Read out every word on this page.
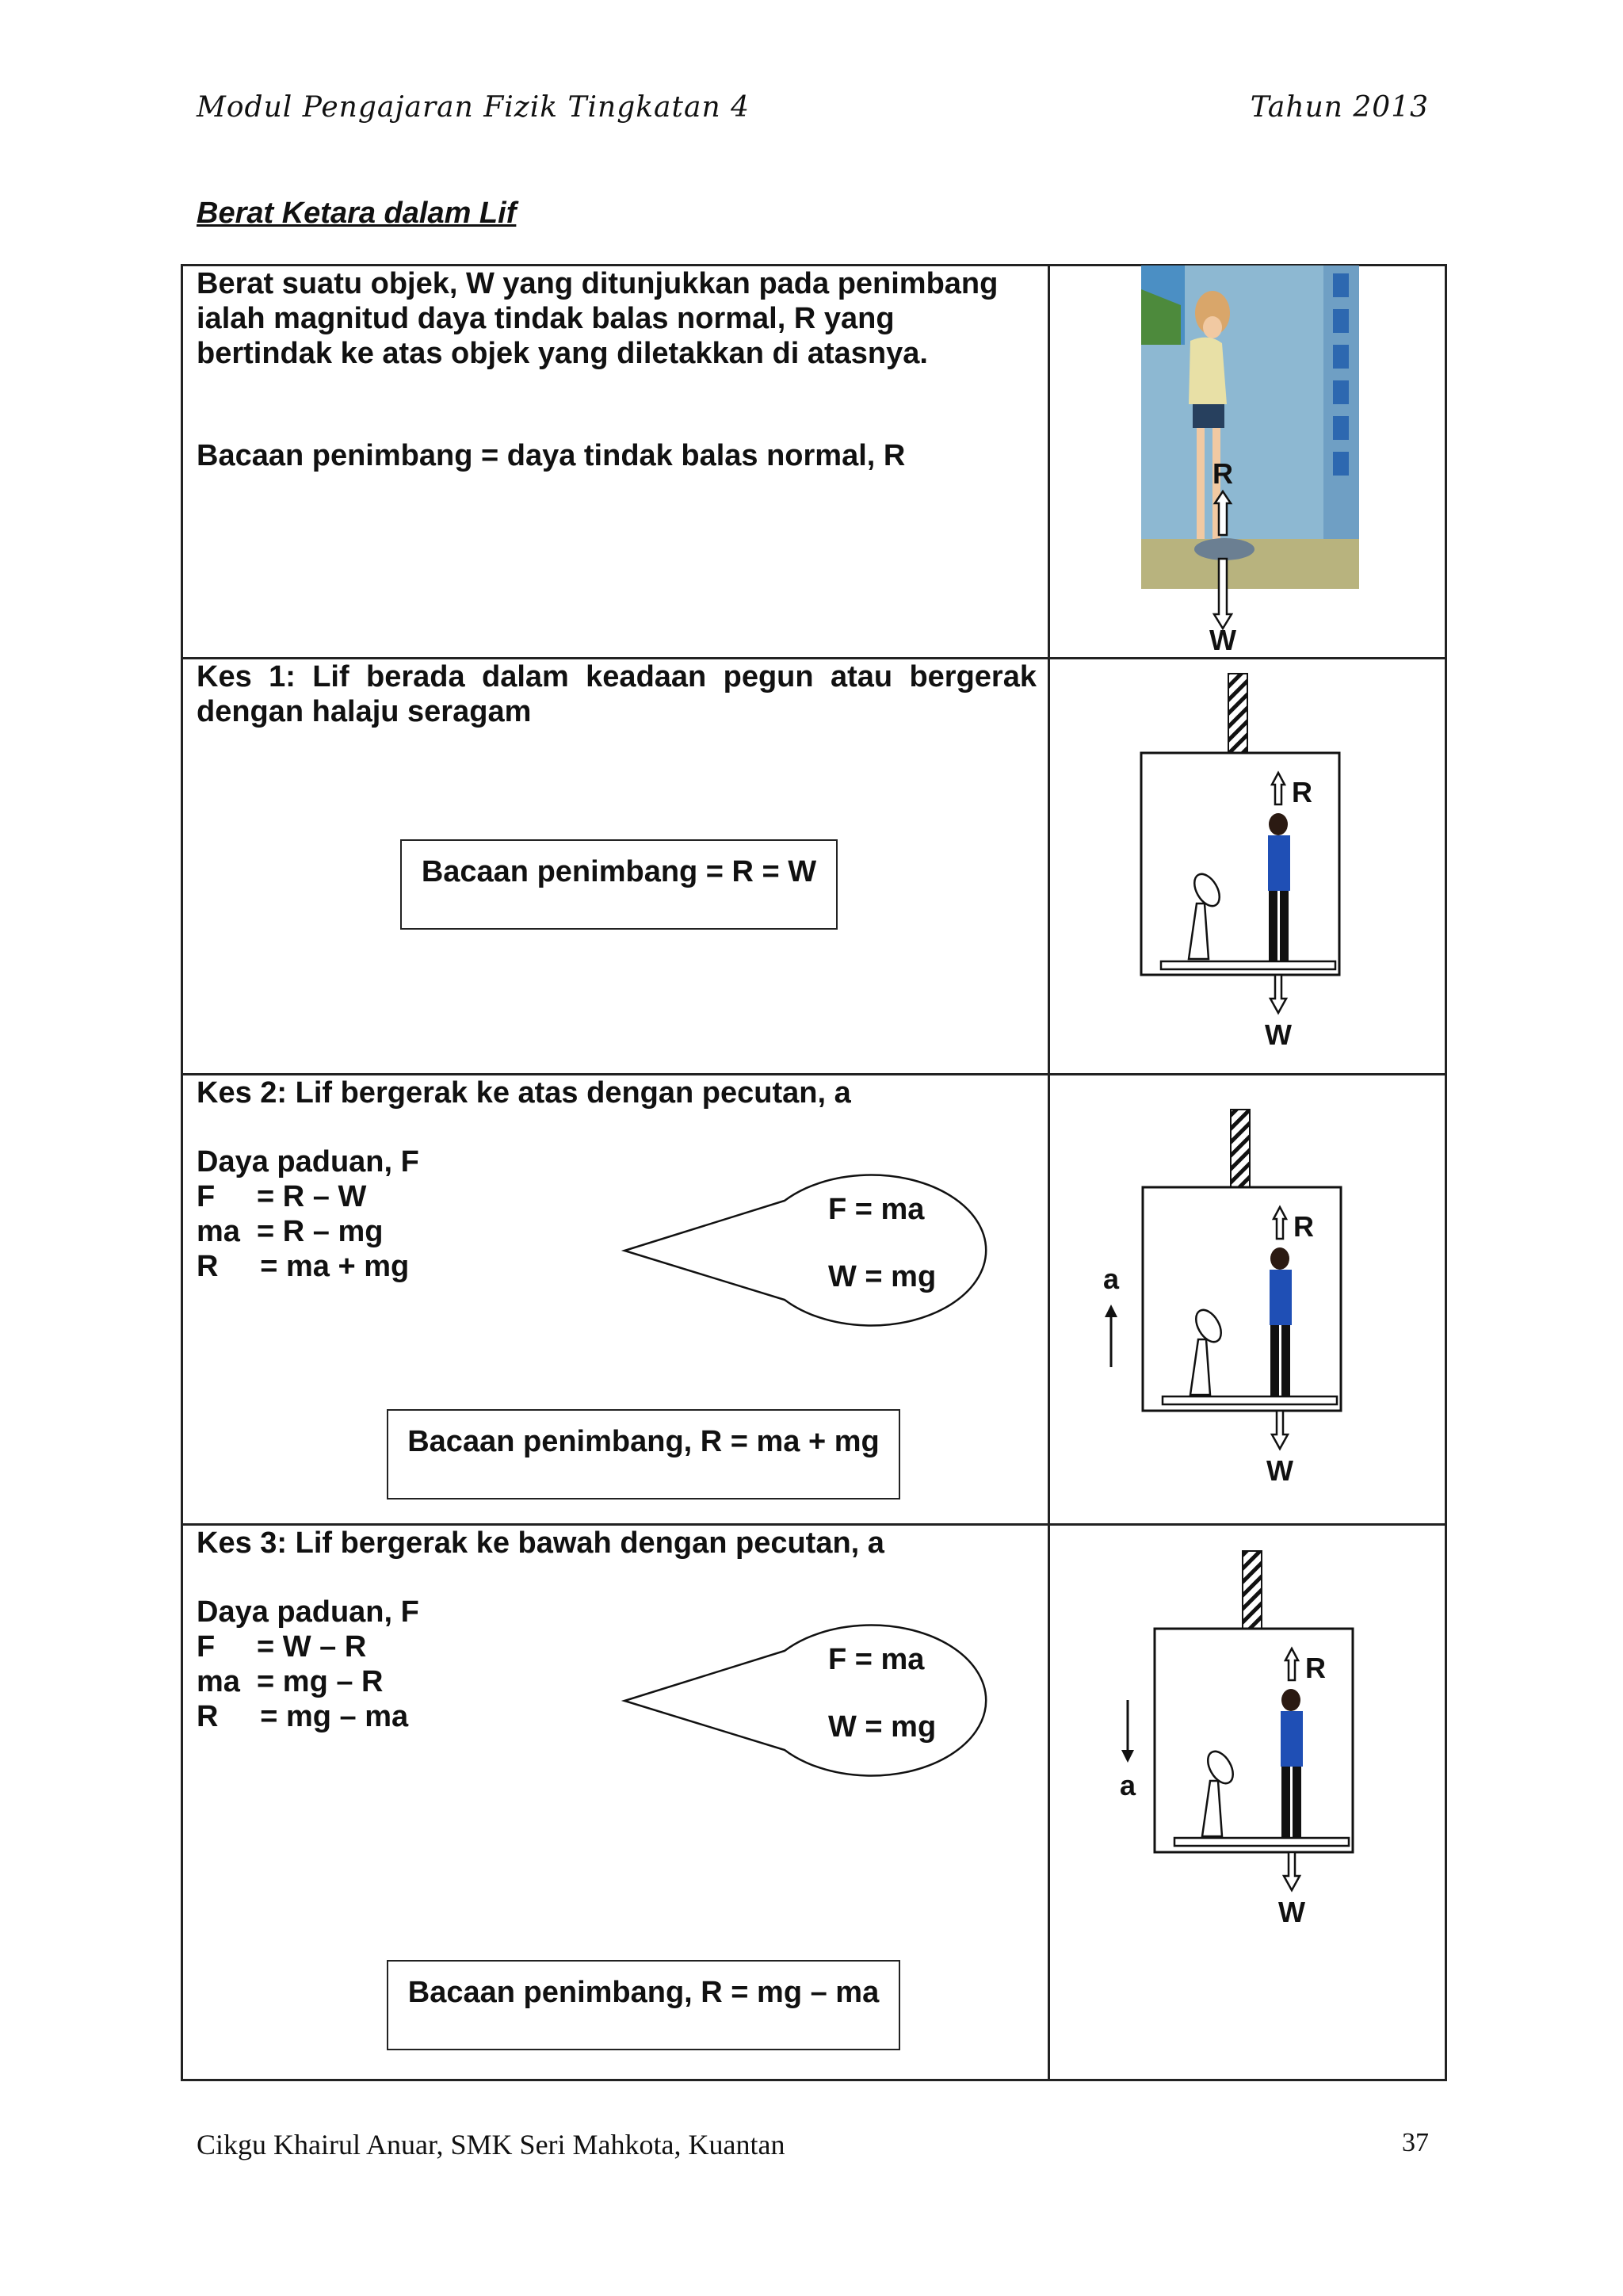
Modul Pengajaran Fizik Tingkatan 4	Tahun 2013
Berat Ketara dalam Lif
Berat suatu objek, W yang ditunjukkan pada penimbang ialah magnitud daya tindak balas normal, R yang bertindak ke atas objek yang diletakkan di atasnya.
Bacaan penimbang = daya tindak balas normal, R
R
W
Kes 1: Lif berada dalam keadaan pegun atau bergerak
dengan halaju seragam
Bacaan penimbang = R = W
R
W
Kes 2: Lif bergerak ke atas dengan pecutan, a
Daya paduan, F
F     = R – W
ma  = R – mg
R     = ma + mg
F = ma
W = mg
Bacaan penimbang, R = ma + mg
R
W
a
Kes 3: Lif bergerak ke bawah dengan pecutan, a
Daya paduan, F
F     = W – R
ma  = mg – R
R     = mg – ma
F = ma
W = mg
Bacaan penimbang, R = mg – ma
R
W
a
Cikgu Khairul Anuar, SMK Seri Mahkota, Kuantan	37
